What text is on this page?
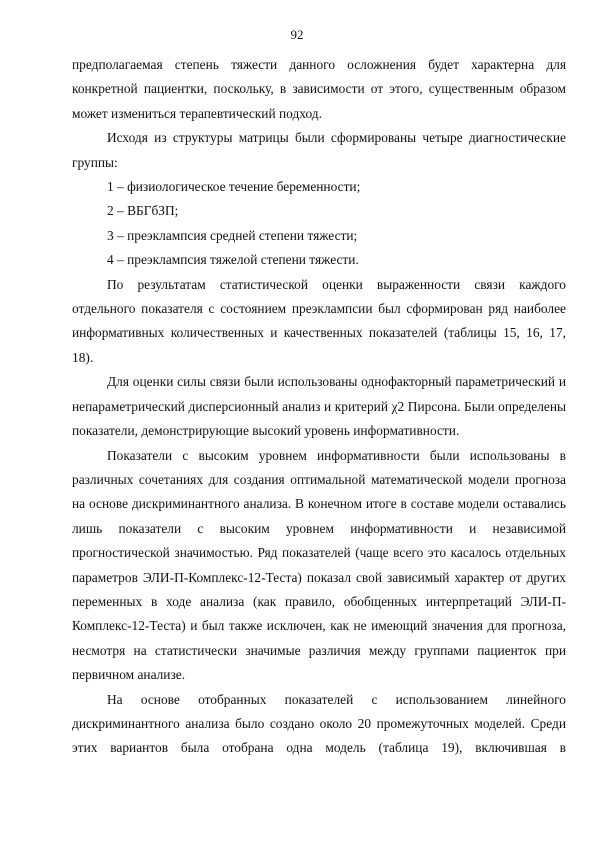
92

предполагаемая степень тяжести данного осложнения будет характерна для конкретной пациентки, поскольку, в зависимости от этого, существенным образом может измениться терапевтический подход.

Исходя из структуры матрицы были сформированы четыре диагностические группы:

1 – физиологическое течение беременности;

2 – ВБГбЗП;

3 – преэклампсия средней степени тяжести;

4 – преэклампсия тяжелой степени тяжести.

По результатам статистической оценки выраженности связи каждого отдельного показателя с состоянием преэклампсии был сформирован ряд наиболее информативных количественных и качественных показателей (таблицы 15, 16, 17, 18).

Для оценки силы связи были использованы однофакторный параметрический и непараметрический дисперсионный анализ и критерий χ2 Пирсона. Были определены показатели, демонстрирующие высокий уровень информативности.

Показатели с высоким уровнем информативности были использованы в различных сочетаниях для создания оптимальной математической модели прогноза на основе дискриминантного анализа. В конечном итоге в составе модели оставались лишь показатели с высоким уровнем информативности и независимой прогностической значимостью. Ряд показателей (чаще всего это касалось отдельных параметров ЭЛИ-П-Комплекс-12-Теста) показал свой зависимый характер от других переменных в ходе анализа (как правило, обобщенных интерпретаций ЭЛИ-П-Комплекс-12-Теста) и был также исключен, как не имеющий значения для прогноза, несмотря на статистически значимые различия между группами пациенток при первичном анализе.

На основе отобранных показателей с использованием линейного дискриминантного анализа было создано около 20 промежуточных моделей. Среди этих вариантов была отобрана одна модель (таблица 19), включившая в
